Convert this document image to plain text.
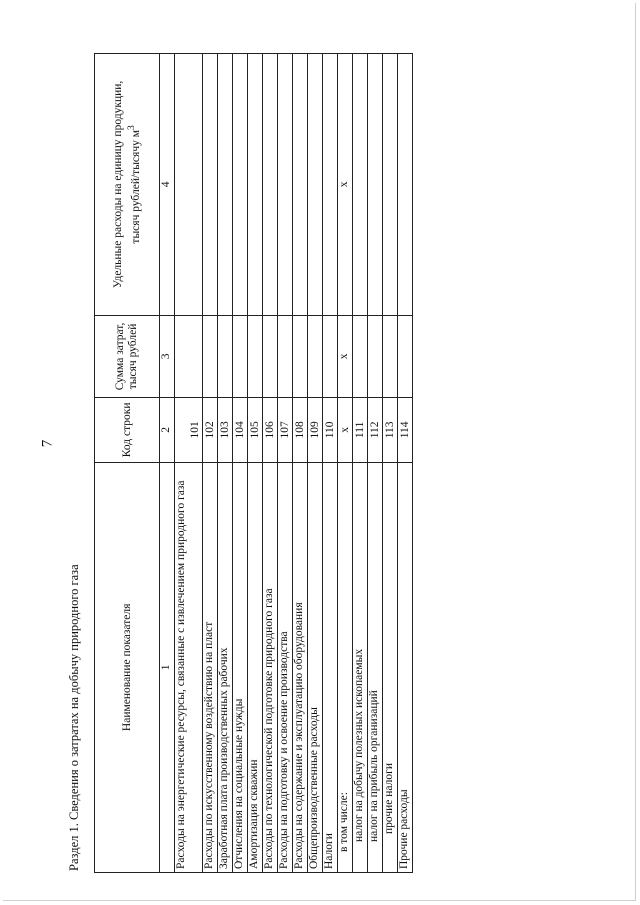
7
Раздел 1. Сведения о затратах на добычу природного газа	Наименование показателя	Код строки	Сумма затрат, тысяч рублей	Удельные расходы на единицу продукции, тысяч рублей/тысячу $м^3$
1	2	3	4
Расходы на энергетические ресурсы, связанные с извлечением природного газа	101		
Расходы по искусственному воздействию на пласт	102		
Заработная плата производственных рабочих	103		
Отчисления на социальные нужды	104		
Амортизация скважин	105		
Расходы по технологической подготовке природного газа	106		
Расходы на подготовку и освоение производства	107		
Расходы на содержание и эксплуатацию оборудования	108		
Общепроизводственные расходы	109		
Налоги	110		
в том числе:	x	x	x
налог на добычу полезных ископаемых	111		
налог на прибыль организаций	112		
прочие налоги	113		
Прочие расходы	114		
